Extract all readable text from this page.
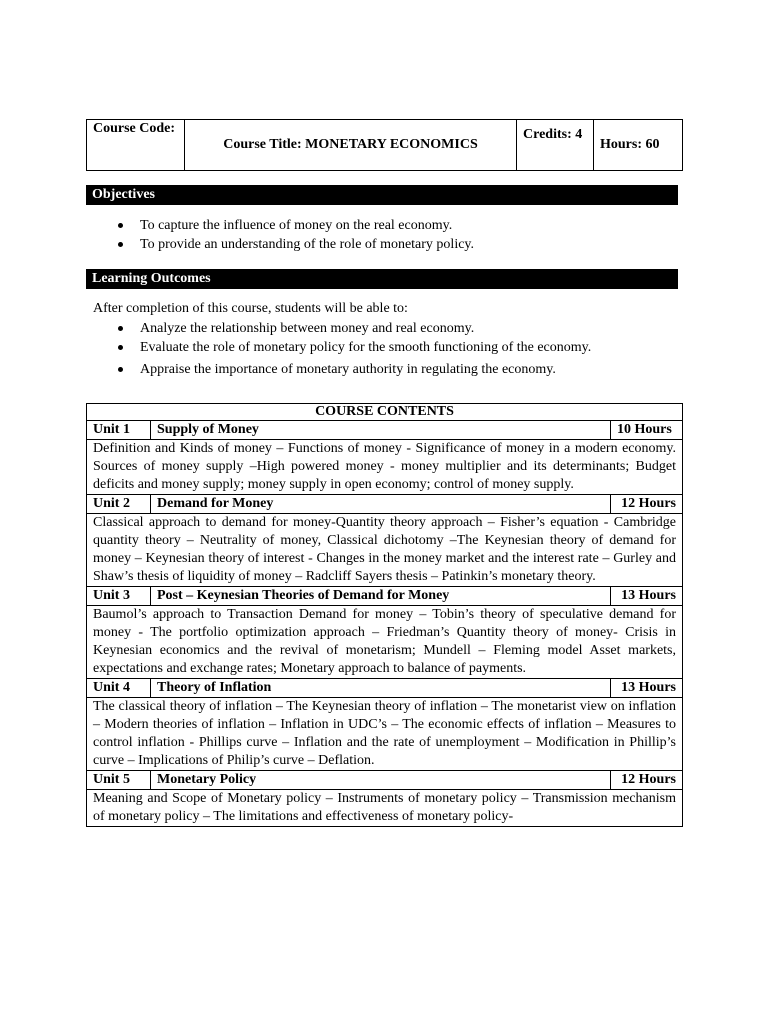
Course Code:	Course Title: MONETARY ECONOMICS	Credits: 4	Hours: 60
Objectives
To capture the influence of money on the real economy.
To provide an understanding of the role of monetary policy.
Learning Outcomes
After completion of this course, students will be able to:
Analyze the relationship between money and real economy.
Evaluate the role of monetary policy for the smooth functioning of the economy.
Appraise the importance of monetary authority in regulating the economy.
COURSE CONTENTS		
Unit 1	Supply of Money	10 Hours
Definition and Kinds of money – Functions of money - Significance of money in a modern economy. Sources of money supply –High powered money - money multiplier and its determinants; Budget deficits and money supply; money supply in open economy; control of money supply.		
Unit 2	Demand for Money	12 Hours
Classical approach to demand for money-Quantity theory approach – Fisher’s equation - Cambridge quantity theory – Neutrality of money, Classical dichotomy –The Keynesian theory of demand for money – Keynesian theory of interest - Changes in the money market and the interest rate – Gurley and Shaw’s thesis of liquidity of money – Radcliff Sayers thesis – Patinkin’s monetary theory.		
Unit 3	Post – Keynesian Theories of Demand for Money	13 Hours
Baumol’s approach to Transaction Demand for money – Tobin’s theory of speculative demand for money - The portfolio optimization approach – Friedman’s Quantity theory of money- Crisis in Keynesian economics and the revival of monetarism; Mundell – Fleming model Asset markets, expectations and exchange rates; Monetary approach to balance of payments.		
Unit 4	Theory of Inflation	13 Hours
The classical theory of inflation – The Keynesian theory of inflation – The monetarist view on inflation – Modern theories of inflation – Inflation in UDC’s – The economic effects of inflation – Measures to control inflation - Phillips curve – Inflation and the rate of unemployment – Modification in Phillip’s curve – Implications of Philip’s curve – Deflation.		
Unit 5	Monetary Policy	12 Hours
Meaning and Scope of Monetary policy – Instruments of monetary policy – Transmission mechanism of monetary policy – The limitations and effectiveness of monetary policy-		
